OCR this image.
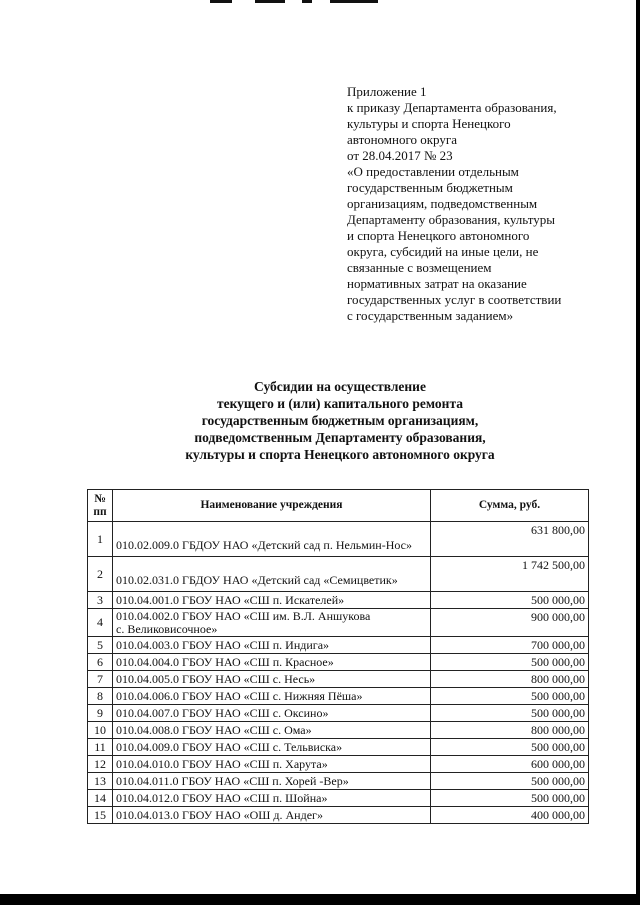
Приложение 1
к приказу Департамента образования,
культуры и спорта Ненецкого
автономного округа
от 28.04.2017 № 23
«О предоставлении отдельным
государственным бюджетным
организациям, подведомственным
Департаменту образования, культуры
и спорта Ненецкого автономного
округа, субсидий на иные цели, не
связанные с возмещением
нормативных затрат на оказание
государственных услуг в соответствии
с государственным заданием»
Субсидии на осуществление
текущего и (или) капитального ремонта
государственным бюджетным организациям,
подведомственным Департаменту образования,
культуры и спорта Ненецкого автономного округа
№
пп	Наименование учреждения	Сумма, руб.
1	010.02.009.0 ГБДОУ НАО «Детский сад п. Нельмин-Нос»	631 800,00
2	010.02.031.0 ГБДОУ НАО «Детский сад «Семицветик»	1 742 500,00
3	010.04.001.0 ГБОУ НАО «СШ п. Искателей»	500 000,00
4	010.04.002.0 ГБОУ НАО «СШ им. В.Л. Аншукова
с. Великовисочное»	900 000,00
5	010.04.003.0 ГБОУ НАО «СШ п. Индига»	700 000,00
6	010.04.004.0 ГБОУ НАО «СШ п. Красное»	500 000,00
7	010.04.005.0 ГБОУ НАО «СШ с. Несь»	800 000,00
8	010.04.006.0 ГБОУ НАО «СШ с. Нижняя Пёша»	500 000,00
9	010.04.007.0 ГБОУ НАО «СШ с. Оксино»	500 000,00
10	010.04.008.0 ГБОУ НАО «СШ с. Ома»	800 000,00
11	010.04.009.0 ГБОУ НАО «СШ с. Тельвиска»	500 000,00
12	010.04.010.0 ГБОУ НАО «СШ п. Харута»	600 000,00
13	010.04.011.0 ГБОУ НАО «СШ п. Хорей -Вер»	500 000,00
14	010.04.012.0 ГБОУ НАО «СШ п. Шойна»	500 000,00
15	010.04.013.0 ГБОУ НАО «ОШ д. Андег»	400 000,00
